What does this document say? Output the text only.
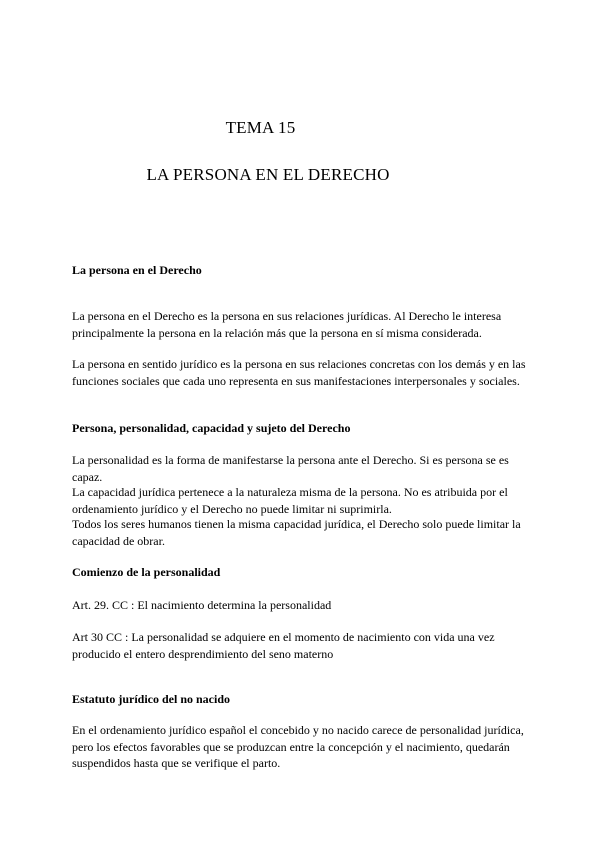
TEMA 15
LA PERSONA EN EL DERECHO
La persona en el Derecho
La persona en el Derecho es la persona en sus relaciones jurídicas. Al Derecho le interesa principalmente la persona en la relación más que la persona en sí misma considerada.
La persona en sentido jurídico es la persona en sus relaciones concretas con los demás y en las funciones sociales que cada uno representa en sus manifestaciones interpersonales y sociales.
Persona, personalidad, capacidad y sujeto del Derecho
La personalidad es la forma de manifestarse la persona ante el Derecho. Si es persona se es capaz.
La capacidad jurídica pertenece a la naturaleza misma de la persona. No es atribuida por el ordenamiento jurídico y el Derecho no puede limitar ni suprimirla.
Todos los seres humanos tienen la misma capacidad jurídica, el Derecho solo puede limitar la capacidad de obrar.
Comienzo de la personalidad
Art. 29. CC : El nacimiento determina la personalidad
Art 30 CC : La personalidad se adquiere en el momento de nacimiento con vida una vez producido el entero desprendimiento del seno materno
Estatuto jurídico del no nacido
En el ordenamiento jurídico español el concebido y no nacido carece de personalidad jurídica, pero los efectos favorables que se produzcan entre la concepción y el nacimiento, quedarán suspendidos hasta que se verifique el parto.
